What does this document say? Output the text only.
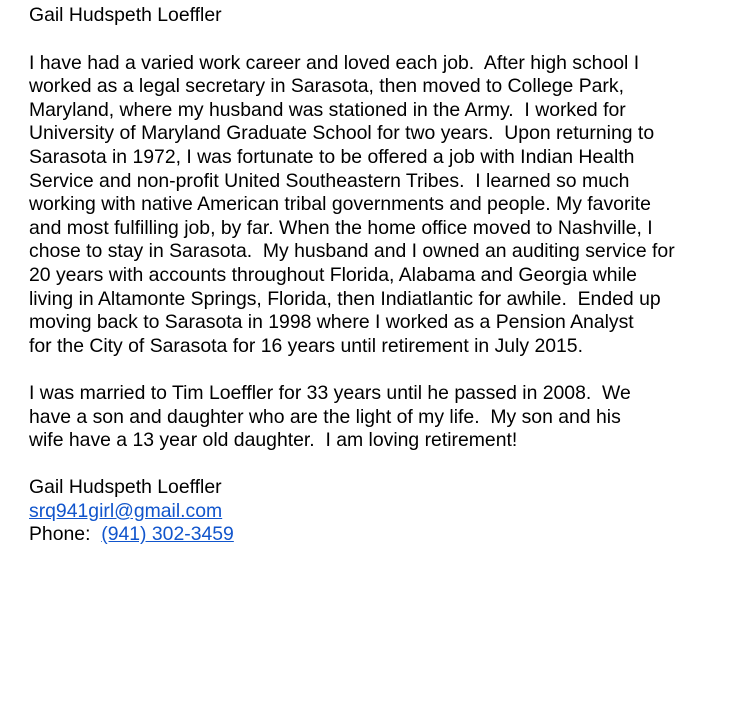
Gail Hudspeth Loeffler
I have had a varied work career and loved each job.  After high school I
worked as a legal secretary in Sarasota, then moved to College Park,
Maryland, where my husband was stationed in the Army.  I worked for
University of Maryland Graduate School for two years.  Upon returning to
Sarasota in 1972, I was fortunate to be offered a job with Indian Health
Service and non-profit United Southeastern Tribes.  I learned so much
working with native American tribal governments and people. My favorite
and most fulfilling job, by far. When the home office moved to Nashville, I
chose to stay in Sarasota.  My husband and I owned an auditing service for
20 years with accounts throughout Florida, Alabama and Georgia while
living in Altamonte Springs, Florida, then Indiatlantic for awhile.  Ended up
moving back to Sarasota in 1998 where I worked as a Pension Analyst
for the City of Sarasota for 16 years until retirement in July 2015.
I was married to Tim Loeffler for 33 years until he passed in 2008.  We
have a son and daughter who are the light of my life.  My son and his
wife have a 13 year old daughter.  I am loving retirement!
Gail Hudspeth Loeffler
srq941girl@gmail.com
Phone:  (941) 302-3459
